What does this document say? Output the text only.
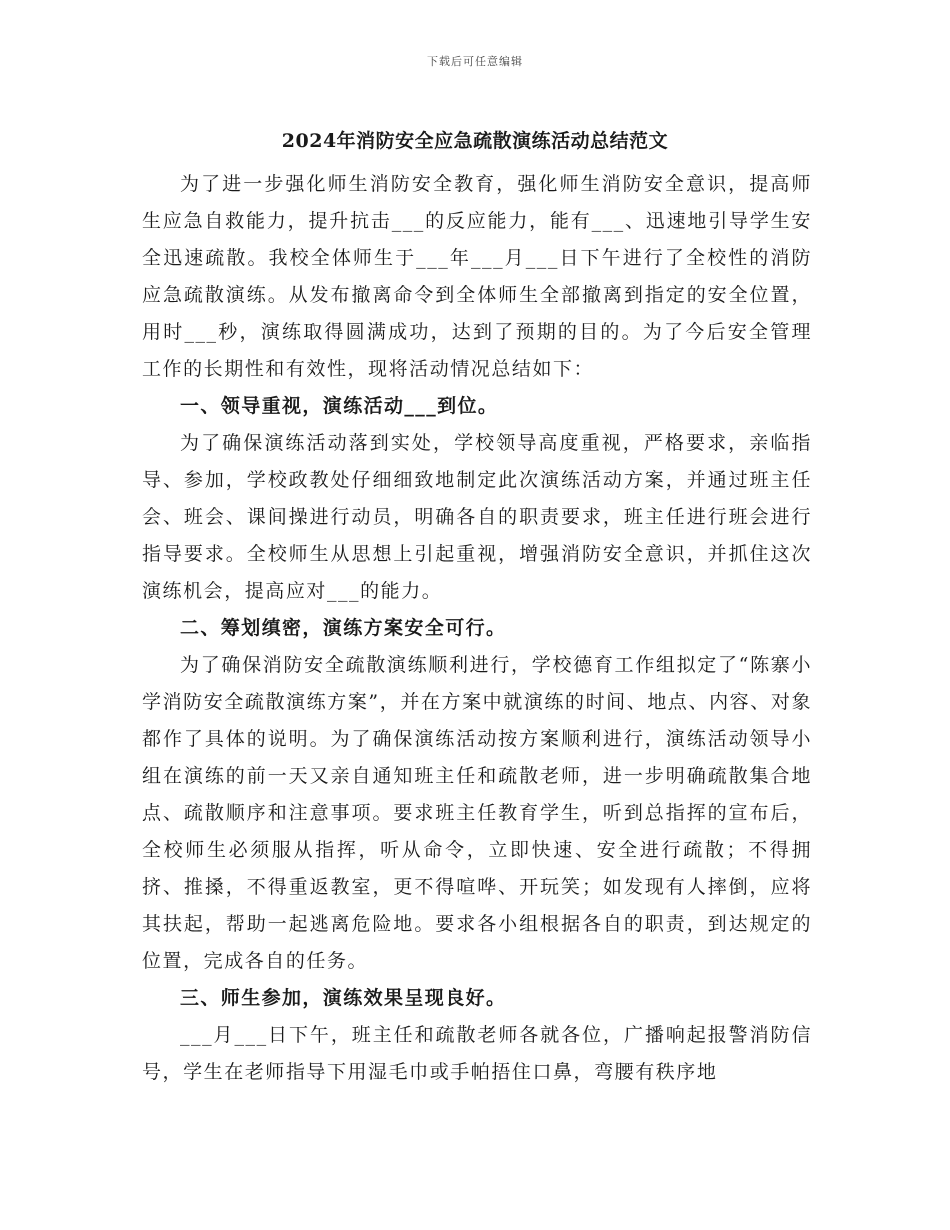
下载后可任意编辑
2024年消防安全应急疏散演练活动总结范文

为了进一步强化师生消防安全教育，强化师生消防安全意识，提高师生应急自救能力，提升抗击___的反应能力，能有___、迅速地引导学生安全迅速疏散。我校全体师生于___年___月___日下午进行了全校性的消防应急疏散演练。从发布撤离命令到全体师生全部撤离到指定的安全位置，用时___秒，演练取得圆满成功，达到了预期的目的。为了今后安全管理工作的长期性和有效性，现将活动情况总结如下：

一、领导重视，演练活动___到位。

为了确保演练活动落到实处，学校领导高度重视，严格要求，亲临指导、参加，学校政教处仔细细致地制定此次演练活动方案，并通过班主任会、班会、课间操进行动员，明确各自的职责要求，班主任进行班会进行指导要求。全校师生从思想上引起重视，增强消防安全意识，并抓住这次演练机会，提高应对___的能力。

二、筹划缜密，演练方案安全可行。

为了确保消防安全疏散演练顺利进行，学校德育工作组拟定了“陈寨小学消防安全疏散演练方案”，并在方案中就演练的时间、地点、内容、对象都作了具体的说明。为了确保演练活动按方案顺利进行，演练活动领导小组在演练的前一天又亲自通知班主任和疏散老师，进一步明确疏散集合地点、疏散顺序和注意事项。要求班主任教育学生，听到总指挥的宣布后，全校师生必须服从指挥，听从命令，立即快速、安全进行疏散；不得拥挤、推搡，不得重返教室，更不得喧哗、开玩笑；如发现有人摔倒，应将其扶起，帮助一起逃离危险地。要求各小组根据各自的职责，到达规定的位置，完成各自的任务。

三、师生参加，演练效果呈现良好。

___月___日下午，班主任和疏散老师各就各位，广播响起报警消防信号，学生在老师指导下用湿毛巾或手帕捂住口鼻，弯腰有秩序地
